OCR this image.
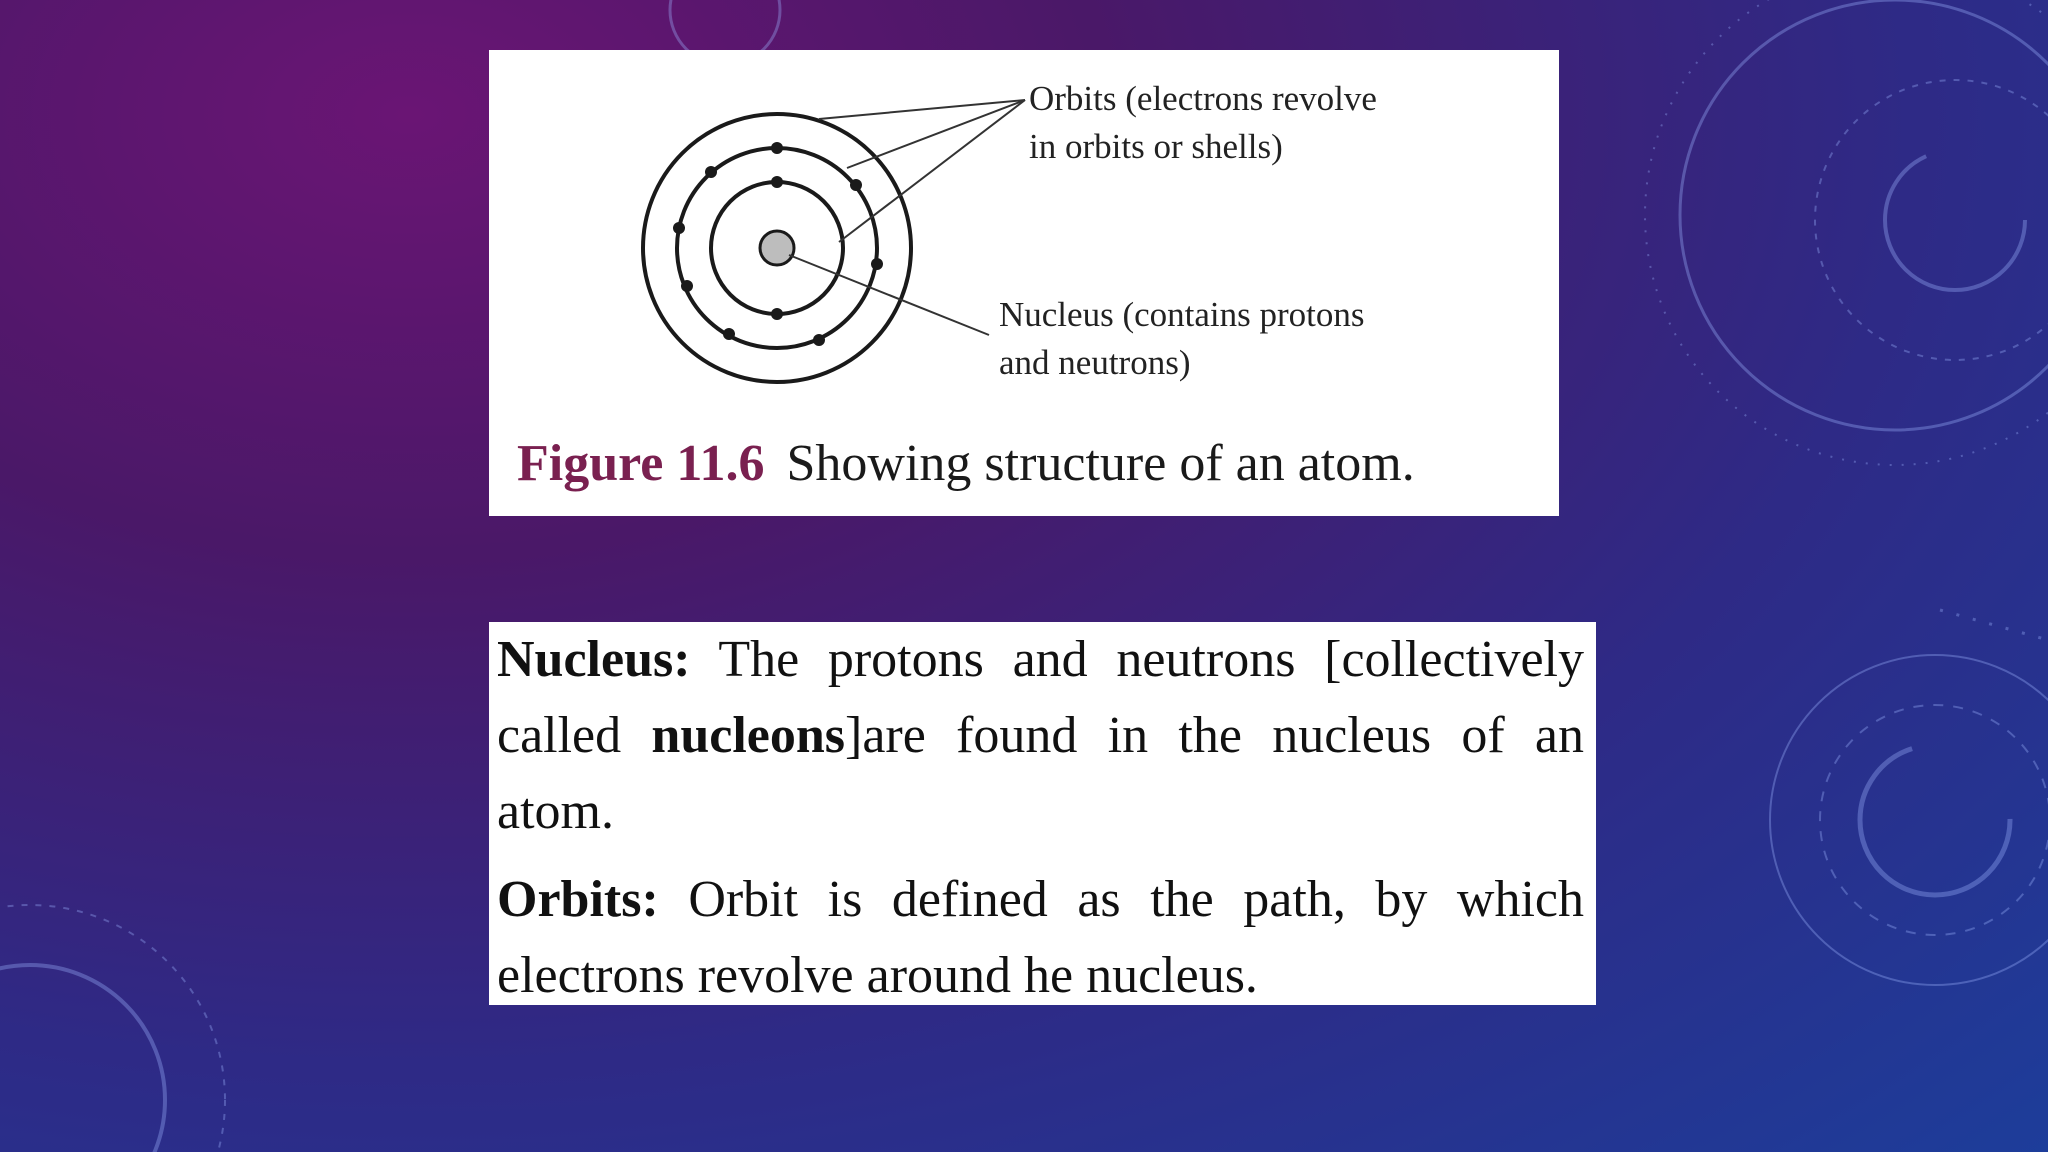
Orbits (electrons revolve
in orbits or shells)
Nucleus (contains protons
and neutrons)
Figure 11.6 Showing structure of an atom.

Nucleus: The protons and neutrons [collectively called nucleons]are found in the nucleus of an atom.

Orbits: Orbit is defined as the path, by which electrons revolve around he nucleus.
